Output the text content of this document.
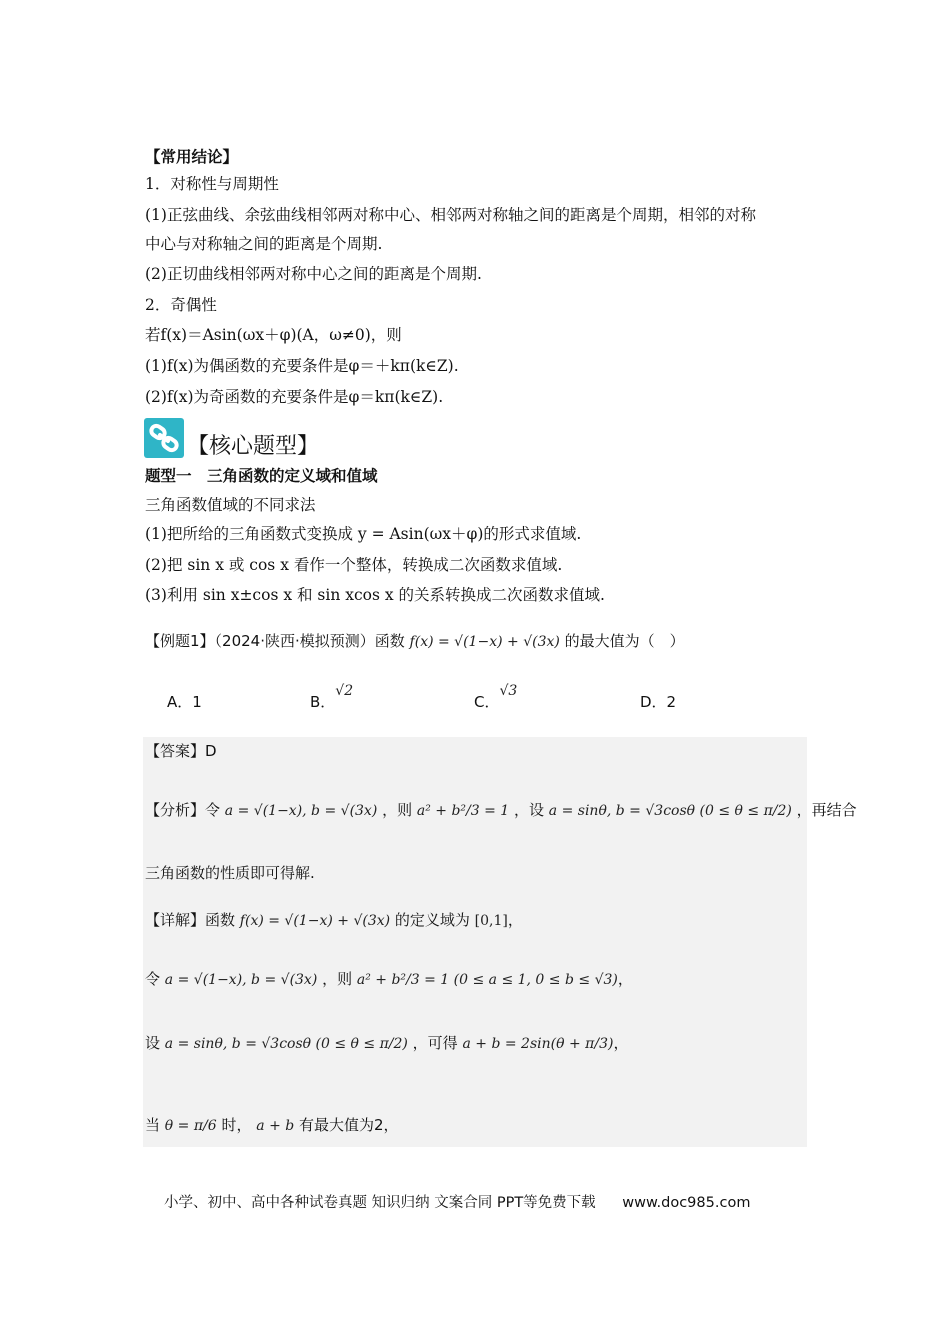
【常用结论】
1．对称性与周期性
(1)正弦曲线、余弦曲线相邻两对称中心、相邻两对称轴之间的距离是个周期，相邻的对称
中心与对称轴之间的距离是个周期.
(2)正切曲线相邻两对称中心之间的距离是个周期.
2．奇偶性
若f(x)＝Asin(ωx＋φ)(A，ω≠0)，则
(1)f(x)为偶函数的充要条件是φ＝＋kπ(k∈Z).
(2)f(x)为奇函数的充要条件是φ＝kπ(k∈Z).
【核心题型】
题型一　三角函数的定义域和值域
三角函数值域的不同求法
(1)把所给的三角函数式变换成 y = Asin(ωx＋φ)的形式求值域.
(2)把 sin x 或 cos x 看作一个整体，转换成二次函数求值域.
(3)利用 sin x±cos x 和 sin xcos x 的关系转换成二次函数求值域.
【例题1】（2024·陕西·模拟预测）函数 f(x) = √(1−x) + √(3x) 的最大值为（　）
A．1	B．√2
C．√3
D．2
【答案】D
【分析】令 a = √(1−x), b = √(3x) ，则 a² + b²/3 = 1 ，设 a = sinθ, b = √3cosθ (0 ≤ θ ≤ π/2) ，再结合
三角函数的性质即可得解.
【详解】函数 f(x) = √(1−x) + √(3x) 的定义域为 [0,1]，
令 a = √(1−x), b = √(3x) ，则 a² + b²/3 = 1 (0 ≤ a ≤ 1, 0 ≤ b ≤ √3)，
设 a = sinθ, b = √3cosθ (0 ≤ θ ≤ π/2) ，可得 a + b = 2sin(θ + π/3)，
当 θ = π/6 时， a + b 有最大值为2，
小学、初中、高中各种试卷真题 知识归纳 文案合同 PPT等免费下载 www.doc985.com
